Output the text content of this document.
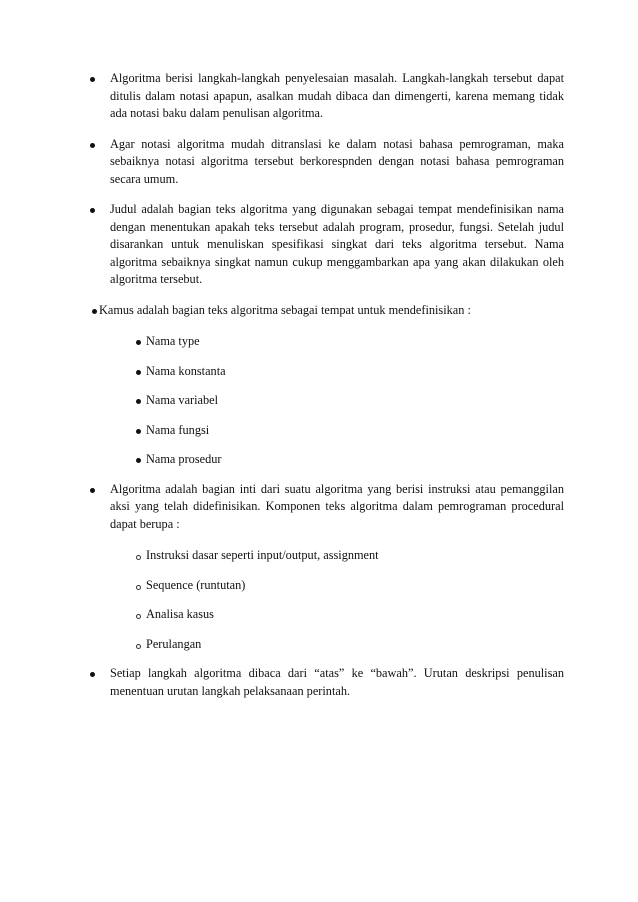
Algoritma berisi langkah-langkah penyelesaian masalah. Langkah-langkah tersebut dapat ditulis dalam notasi apapun, asalkan mudah dibaca dan dimengerti, karena memang tidak ada notasi baku dalam penulisan algoritma.
Agar notasi algoritma mudah ditranslasi ke dalam notasi bahasa pemrograman, maka sebaiknya notasi algoritma tersebut berkorespnden dengan notasi bahasa pemrograman secara umum.
Judul adalah bagian teks algoritma yang digunakan sebagai tempat mendefinisikan nama dengan menentukan apakah teks tersebut adalah program, prosedur, fungsi. Setelah judul disarankan untuk menuliskan spesifikasi singkat dari teks algoritma tersebut. Nama algoritma sebaiknya singkat namun cukup menggambarkan apa yang akan dilakukan oleh algoritma tersebut.
Kamus adalah bagian teks algoritma sebagai tempat untuk mendefinisikan :
Nama type
Nama konstanta
Nama variabel
Nama fungsi
Nama prosedur
Algoritma adalah bagian inti dari suatu algoritma yang berisi instruksi atau pemanggilan aksi yang telah didefinisikan. Komponen teks algoritma dalam pemrograman procedural dapat berupa :
Instruksi dasar seperti input/output, assignment
Sequence (runtutan)
Analisa kasus
Perulangan
Setiap langkah algoritma dibaca dari “atas” ke “bawah”. Urutan deskripsi penulisan menentuan urutan langkah pelaksanaan perintah.
